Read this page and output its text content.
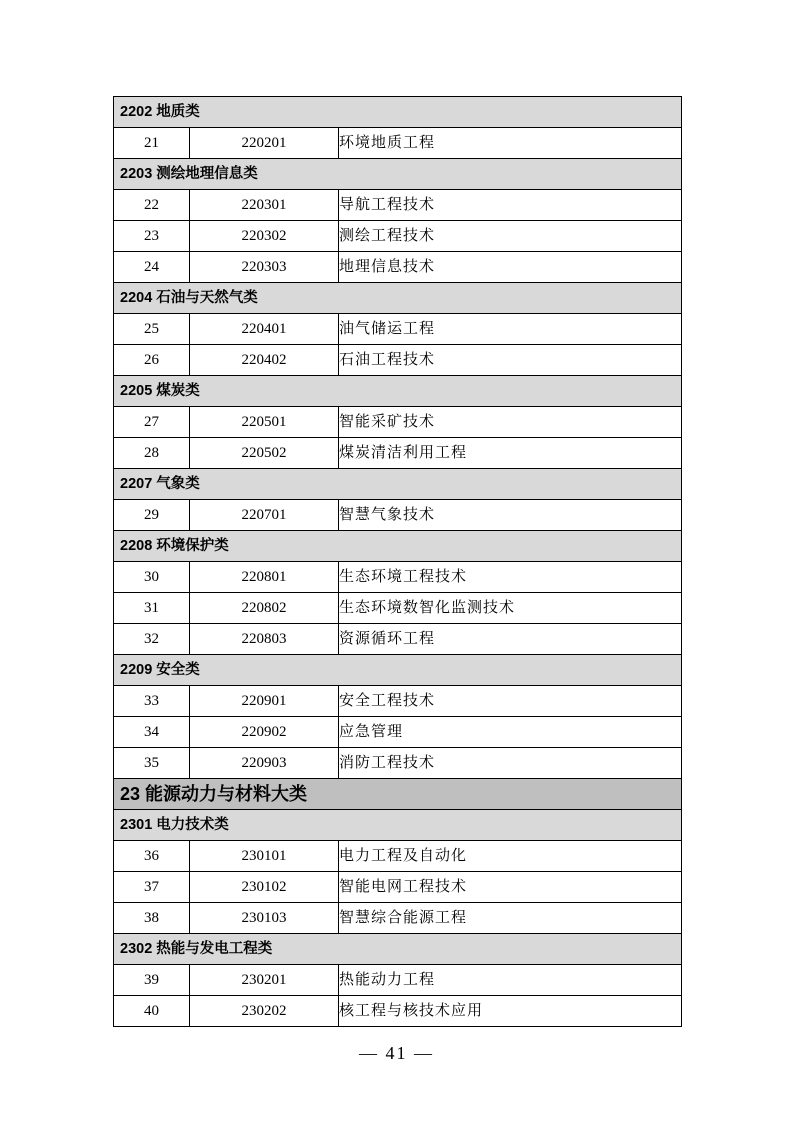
2202 地质类		
21	220201	环境地质工程
2203 测绘地理信息类		
22	220301	导航工程技术
23	220302	测绘工程技术
24	220303	地理信息技术
2204 石油与天然气类		
25	220401	油气储运工程
26	220402	石油工程技术
2205 煤炭类		
27	220501	智能采矿技术
28	220502	煤炭清洁利用工程
2207 气象类		
29	220701	智慧气象技术
2208 环境保护类		
30	220801	生态环境工程技术
31	220802	生态环境数智化监测技术
32	220803	资源循环工程
2209 安全类		
33	220901	安全工程技术
34	220902	应急管理
35	220903	消防工程技术
23 能源动力与材料大类		
2301 电力技术类		
36	230101	电力工程及自动化
37	230102	智能电网工程技术
38	230103	智慧综合能源工程
2302 热能与发电工程类		
39	230201	热能动力工程
40	230202	核工程与核技术应用
— 41 —
